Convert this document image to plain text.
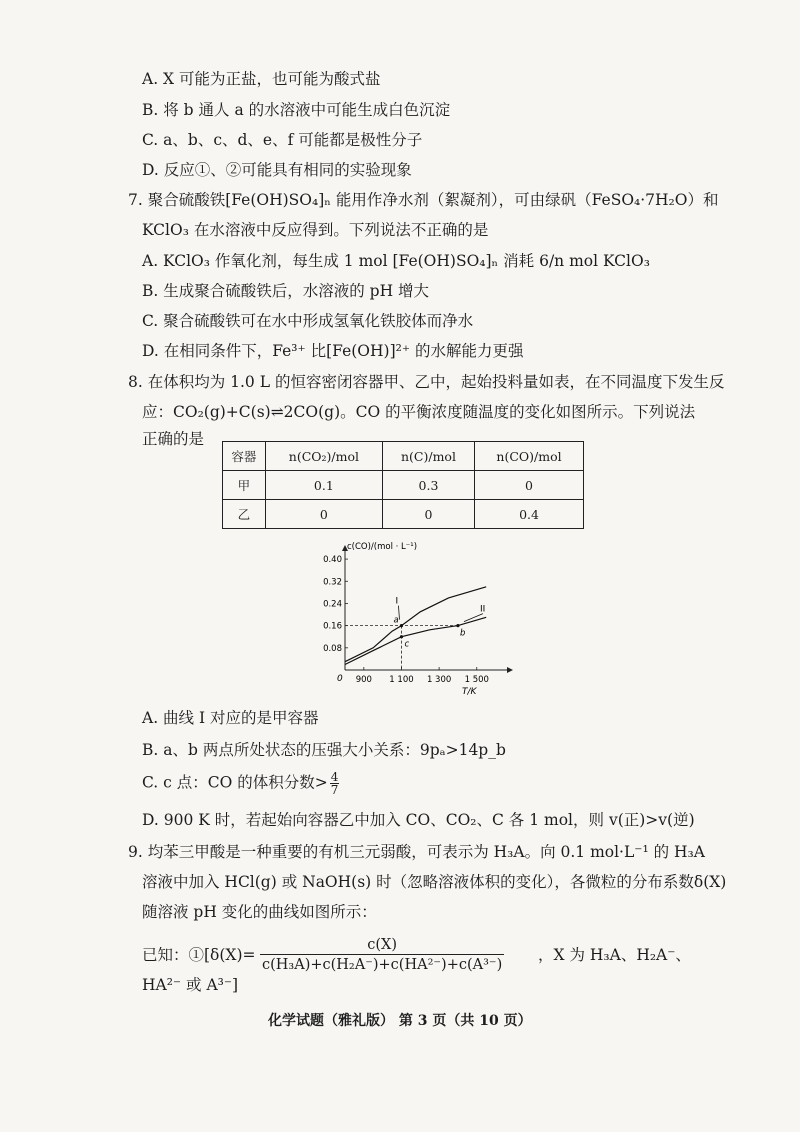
A. X 可能为正盐，也可能为酸式盐
B. 将 b 通人 a 的水溶液中可能生成白色沉淀
C. a、b、c、d、e、f 可能都是极性分子
D. 反应①、②可能具有相同的实验现象
7. 聚合硫酸铁[Fe(OH)SO₄]ₙ 能用作净水剂（絮凝剂），可由绿矾（FeSO₄·7H₂O）和
KClO₃ 在水溶液中反应得到。下列说法不正确的是
A. KClO₃ 作氧化剂，每生成 1 mol [Fe(OH)SO₄]ₙ 消耗 6/n mol KClO₃
B. 生成聚合硫酸铁后，水溶液的 pH 增大
C. 聚合硫酸铁可在水中形成氢氧化铁胶体而净水
D. 在相同条件下，Fe³⁺ 比[Fe(OH)]²⁺ 的水解能力更强
8. 在体积均为 1.0 L 的恒容密闭容器甲、乙中，起始投料量如表，在不同温度下发生反
应：CO₂(g)+C(s)⇌2CO(g)。CO 的平衡浓度随温度的变化如图所示。下列说法
正确的是
容器	n(CO₂)/mol	n(C)/mol	n(CO)/mol
甲	0.1	0.3	0
乙	0	0	0.4
c(CO)/(mol · L⁻¹)
T/K
0
0.40
0.32
0.24
0.16
0.08
900 1 100 1 300 1 500
I
II
a
b
c
A. 曲线 I 对应的是甲容器
B. a、b 两点所处状态的压强大小关系：9pₐ>14p_b
C. c 点：CO 的体积分数> $\frac{4}{7}$
D. 900 K 时，若起始向容器乙中加入 CO、CO₂、C 各 1 mol，则 v(正)>v(逆)
9. 均苯三甲酸是一种重要的有机三元弱酸，可表示为 H₃A。向 0.1 mol·L⁻¹ 的 H₃A
溶液中加入 HCl(g) 或 NaOH(s) 时（忽略溶液体积的变化），各微粒的分布系数δ(X)
随溶液 pH 变化的曲线如图所示：
已知：①[δ(X)= $\frac{c(X)}{\text{c(H₃A)+c(H₂A⁻)+c(HA²⁻)+c(A³⁻)}}$ ，X 为 H₃A、H₂A⁻、
HA²⁻ 或 A³⁻]
化学试题（雅礼版） 第 3 页（共 10 页）
